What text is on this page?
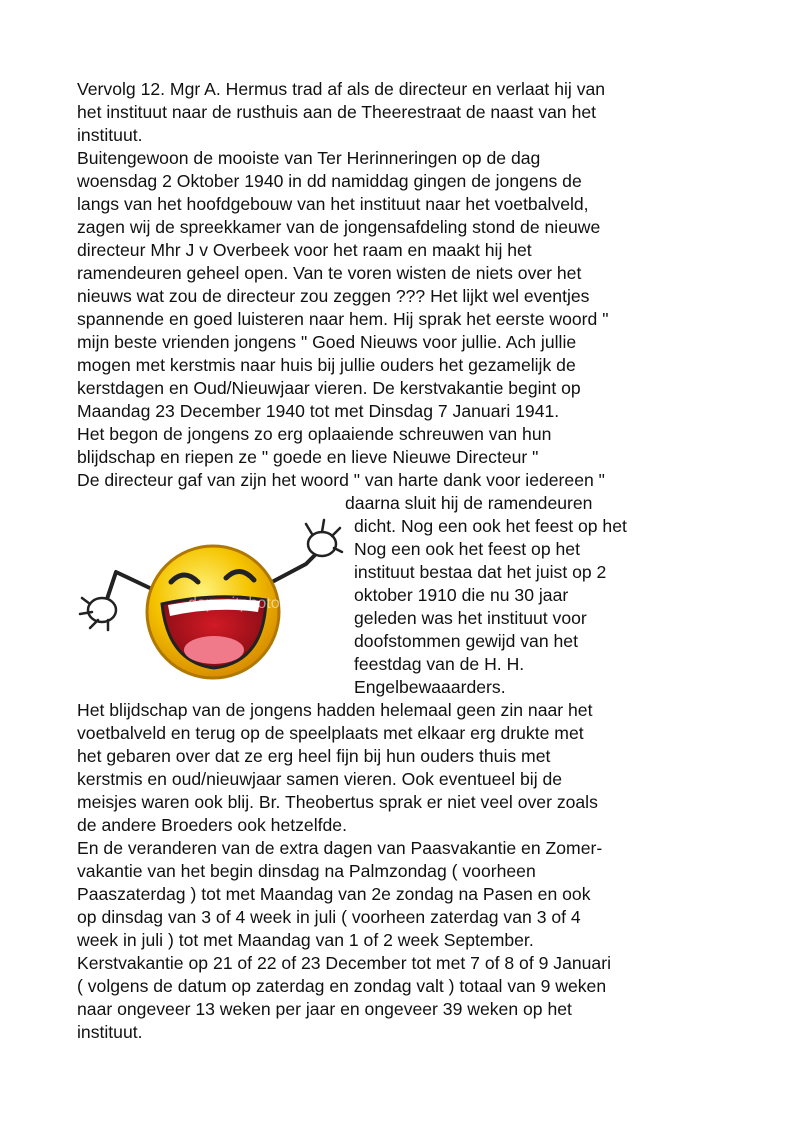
Vervolg 12. Mgr A. Hermus trad af als de directeur en verlaat hij van

het instituut naar de rusthuis aan de Theerestraat de naast van het

instituut.

Buitengewoon de mooiste van Ter Herinneringen op de dag

woensdag 2 Oktober 1940 in dd namiddag gingen de jongens de

langs van het hoofdgebouw van het instituut naar het voetbalveld,

zagen wij de spreekkamer van de jongensafdeling stond de nieuwe

directeur Mhr J v Overbeek voor het raam en maakt hij het

ramendeuren geheel open. Van te voren wisten de niets over het

nieuws wat zou de directeur zou zeggen ??? Het lijkt wel eventjes

spannende en goed luisteren naar hem. Hij sprak het eerste woord "

mijn beste vrienden jongens " Goed Nieuws voor jullie. Ach jullie

mogen met kerstmis naar huis bij jullie ouders het gezamelijk de

kerstdagen en Oud/Nieuwjaar vieren. De kerstvakantie begint op

Maandag 23 December 1940 tot met Dinsdag 7 Januari 1941.

Het begon de jongens zo erg oplaaiende schreuwen van hun

blijdschap en riepen ze " goede en lieve Nieuwe Directeur "

De directeur gaf van zijn het woord " van harte dank voor iedereen "

daarna sluit hij de ramendeuren

dicht. Nog een ook het feest op het

Nog een ook het feest op het

instituut bestaa dat het juist op 2

oktober 1910 die nu 30 jaar

geleden was het instituut voor

doofstommen gewijd van het

feestdag van de H. H.

Engelbewaaarders.

depositphotos

Het blijdschap van de jongens hadden helemaal geen zin naar het

voetbalveld en terug op de speelplaats met elkaar erg drukte met

het gebaren over dat ze erg heel fijn bij hun ouders thuis met

kerstmis en oud/nieuwjaar samen vieren. Ook eventueel bij de

meisjes waren ook blij. Br. Theobertus sprak er niet veel over zoals

de andere Broeders ook hetzelfde.

En de veranderen van de extra dagen van Paasvakantie en Zomer-

vakantie van het begin dinsdag na Palmzondag ( voorheen

Paaszaterdag ) tot met Maandag van 2e zondag na Pasen en ook

op dinsdag van 3 of 4 week in juli ( voorheen zaterdag van 3 of 4

week in juli ) tot met Maandag van 1 of 2 week September.

Kerstvakantie op 21 of 22 of 23 December tot met 7 of 8 of 9 Januari

( volgens de datum op zaterdag en zondag valt ) totaal van 9 weken

naar ongeveer 13 weken per jaar en ongeveer 39 weken op het

instituut.
